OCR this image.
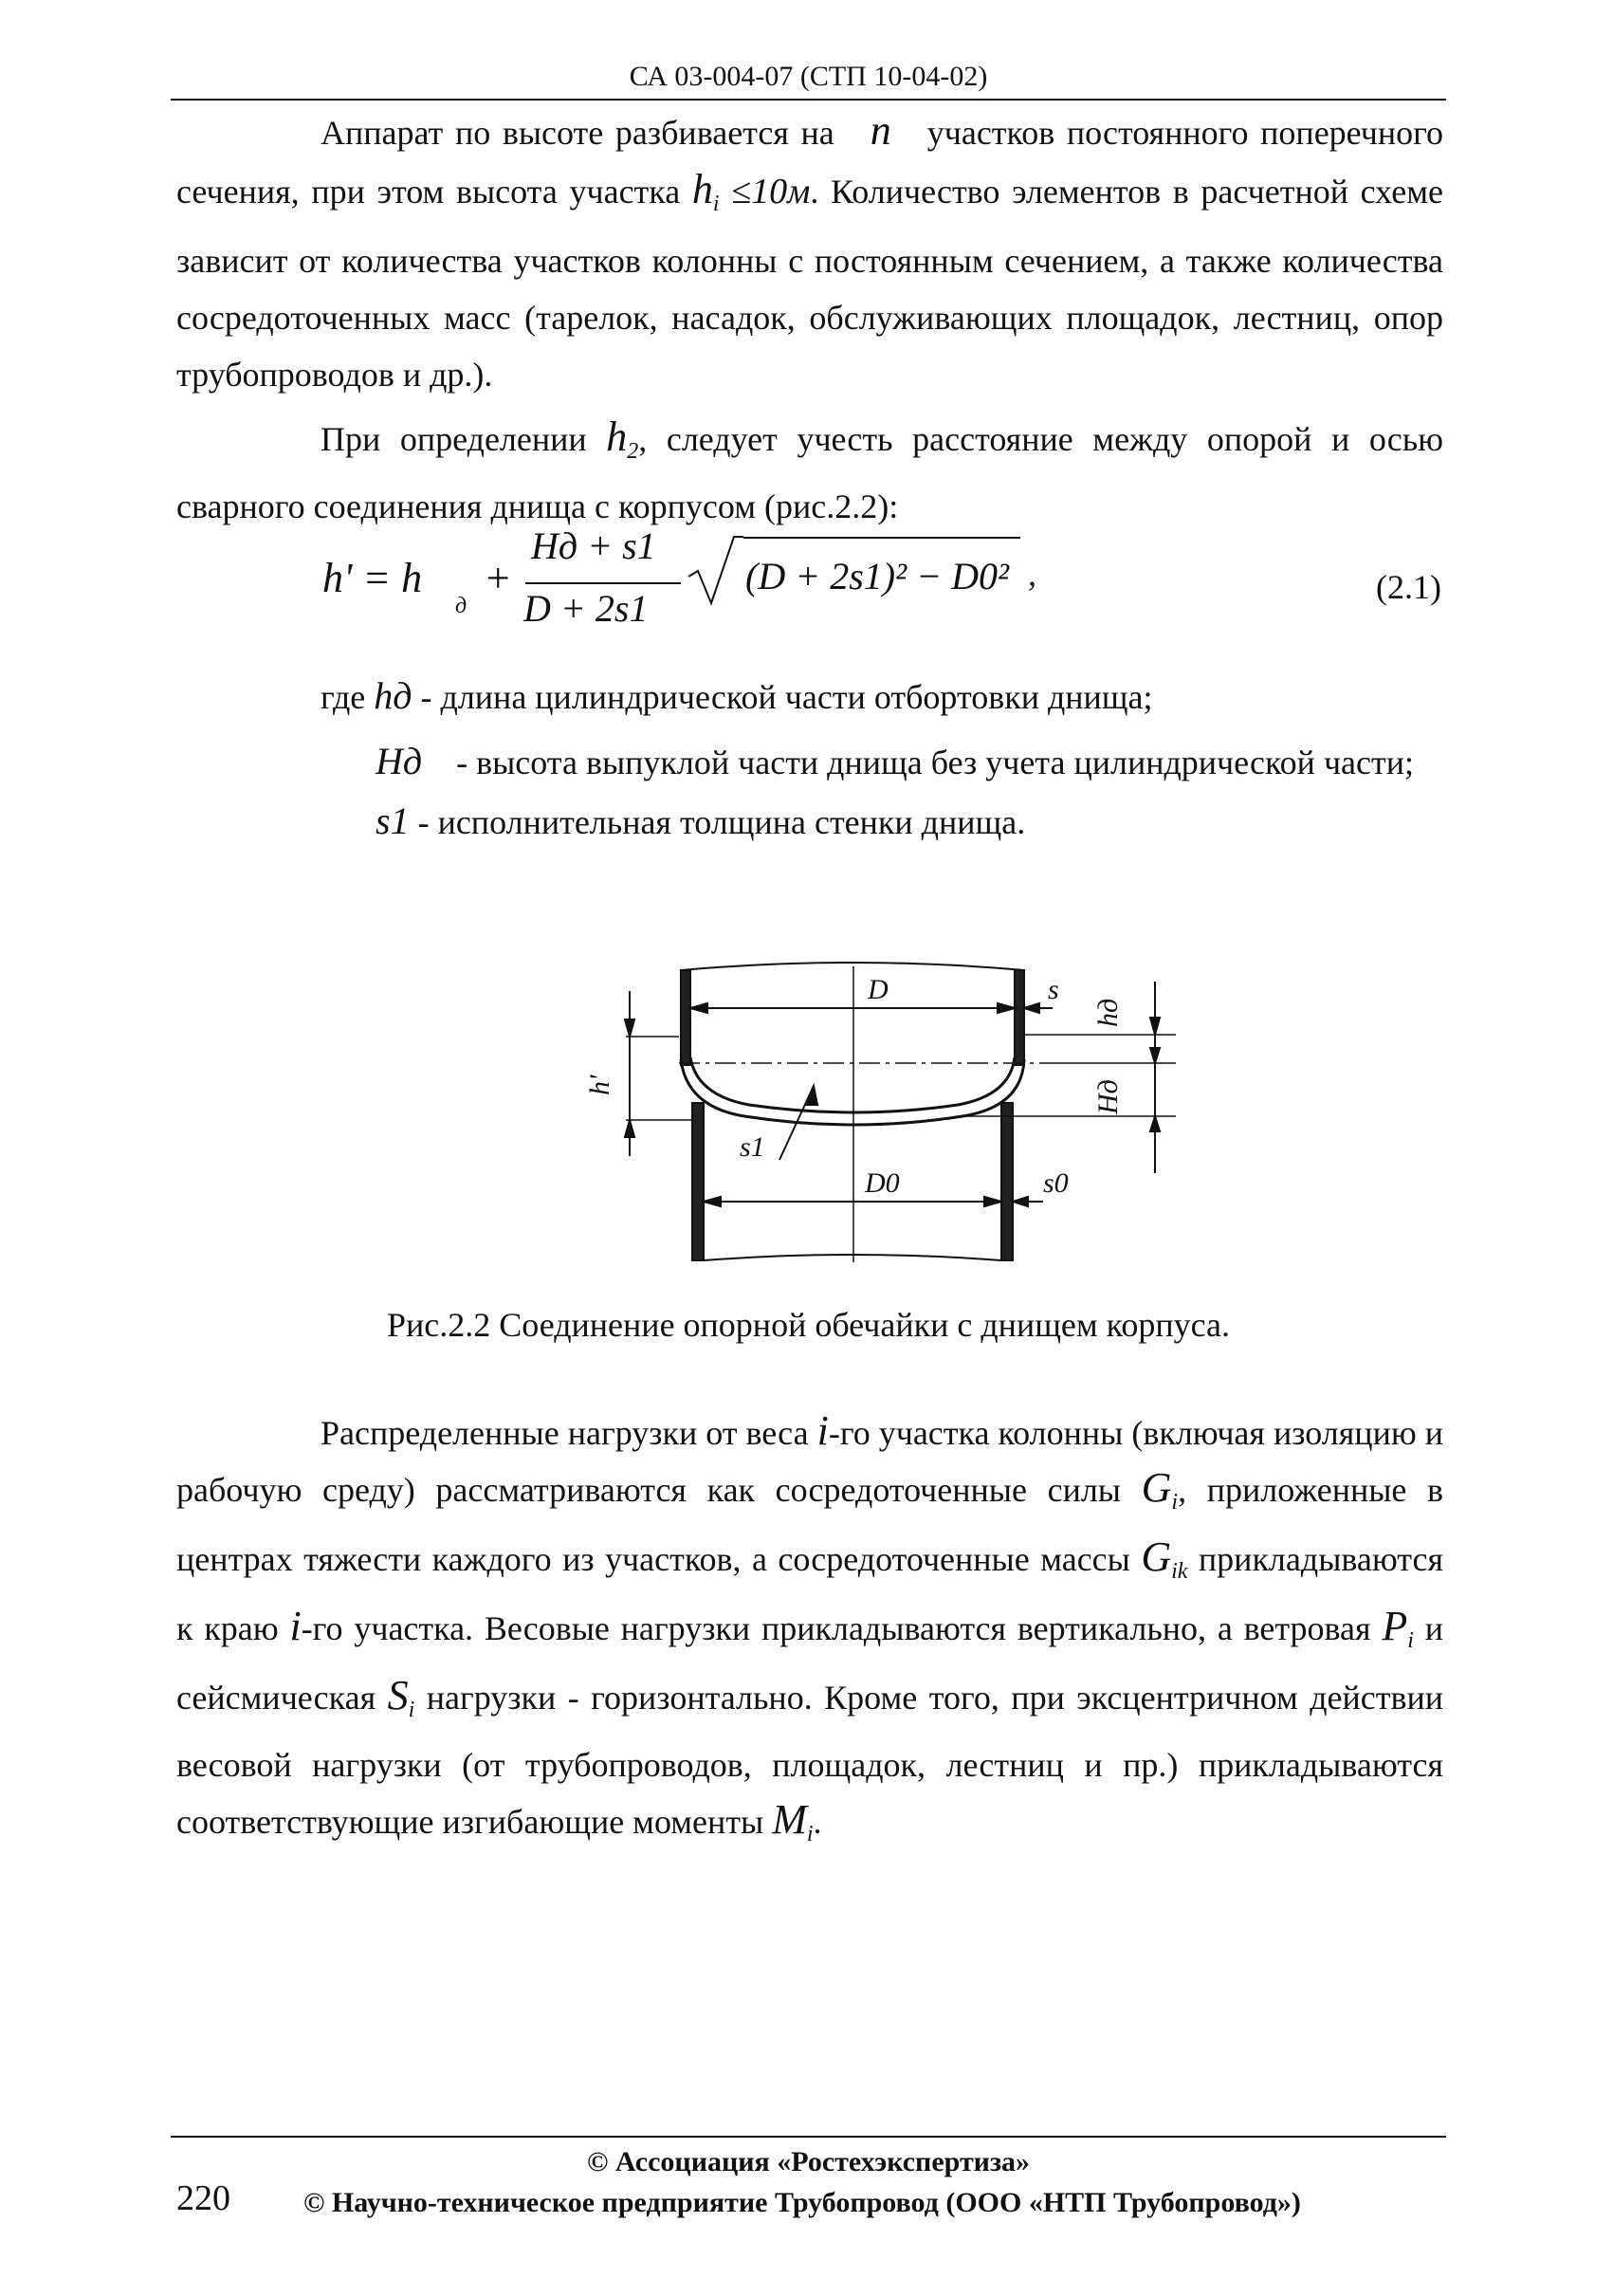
СА 03-004-07 (СТП 10-04-02)

Аппарат по высоте разбивается на n участков постоянного поперечного сечения, при этом высота участка $h_i \le 10м$. Количество элементов в расчетной схеме зависит от количества участков колонны с постоянным сечением, а также количества сосредоточенных масс (тарелок, насадок, обслуживающих площадок, лестниц, опор трубопроводов и др.).

При определении $h_2$, следует учесть расстояние между опорой и осью сварного соединения днища с корпусом (рис.2.2):

h' = h
д
+
Hд + s1
D + 2s1
(D + 2s1)² − D0² ,	(2.1)

где hд - длина цилиндрической части отбортовки днища;

Hд - высота выпуклой части днища без учета цилиндрической части;

s1 - исполнительная толщина стенки днища.

D	s
hд
h'	Hд
s1
D0	s0
Рис.2.2 Соединение опорной обечайки с днищем корпуса.

Распределенные нагрузки от веса i-го участка колонны (включая изоляцию и рабочую среду) рассматриваются как сосредоточенные силы $G_i$, приложенные в центрах тяжести каждого из участков, а сосредоточенные массы $G_{ik}$ прикладываются к краю i-го участка. Весовые нагрузки прикладываются вертикально, а ветровая $P_i$ и сейсмическая $S_i$ нагрузки - горизонтально. Кроме того, при эксцентричном действии весовой нагрузки (от трубопроводов, площадок, лестниц и пр.) прикладываются соответствующие изгибающие моменты $M_i$.

© Ассоциация «Ростехэкспертиза»
220	© Научно-техническое предприятие Трубопровод (ООО «НТП Трубопровод»)
